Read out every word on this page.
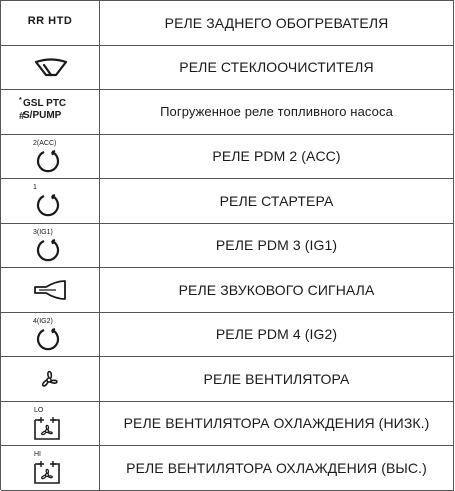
RR HTD	РЕЛЕ ЗАДНЕГО ОБОГРЕВАТЕЛЯ
РЕЛЕ СТЕКЛООЧИСТИТЕЛЯ
*
#
GSL PTC
S/PUMP	Погруженное реле топливного насоса
2(ACC)
РЕЛЕ PDM 2 (ACC)
1
РЕЛЕ СТАРТЕРА
3(IG1)
РЕЛЕ PDM 3 (IG1)
РЕЛЕ ЗВУКОВОГО СИГНАЛА
4(IG2)
РЕЛЕ PDM 4 (IG2)
РЕЛЕ ВЕНТИЛЯТОРА
LO
РЕЛЕ ВЕНТИЛЯТОРА ОХЛАЖДЕНИЯ (НИЗК.)
HI
РЕЛЕ ВЕНТИЛЯТОРА ОХЛАЖДЕНИЯ (ВЫС.)
